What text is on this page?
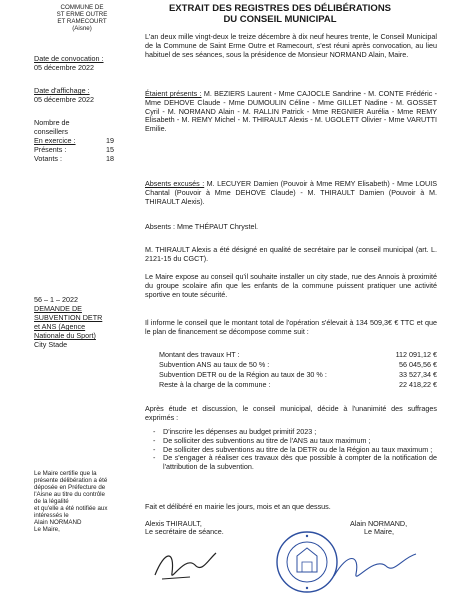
COMMUNE DE
ST ERME OUTRE
ET RAMECOURT
(Aisne)
EXTRAIT DES REGISTRES DES DÉLIBÉRATIONS
DU CONSEIL MUNICIPAL
Date de convocation :
05 décembre 2022
Date d'affichage :
05 décembre 2022
Nombre de
conseillers
En exercice :	19
Présents :	15
Votants :	18
56 – 1 – 2022
DEMANDE DE
SUBVENTION DETR
et ANS (Agence
Nationale du Sport)
City Stade
Le Maire certifie que la
présente délibération a été
déposée en Préfecture de
l'Aisne au titre du contrôle
de la légalité
et qu'elle a été notifiée aux
intéressés le
Alain NORMAND
Le Maire,
L'an deux mille vingt-deux le treize décembre à dix neuf heures trente, le Conseil Municipal de la Commune de Saint Erme Outre et Ramecourt, s'est réuni après convocation, au lieu habituel de ses séances, sous la présidence de Monsieur NORMAND Alain, Maire.
Étaient présents : M. BEZIERS Laurent - Mme CAJOCLE Sandrine - M. CONTE Frédéric - Mme DEHOVE Claude - Mme DUMOULIN Céline - Mme GILLET Nadine - M. GOSSET Cyril - M. NORMAND Alain - M. RALLIN Patrick - Mme REGNIER Aurélia - Mme REMY Elisabeth - M. REMY Michel - M. THIRAULT Alexis - M. UGOLETT Olivier - Mme VARUTTI Emilie.
Absents excusés : M. LECUYER Damien (Pouvoir à Mme REMY Elisabeth) - Mme LOUIS Chantal (Pouvoir à Mme DEHOVE Claude) - M. THIRAULT Damien (Pouvoir à M. THIRAULT Alexis).
Absents : Mme THÉPAUT Chrystel.
M. THIRAULT Alexis a été désigné en qualité de secrétaire par le conseil municipal (art. L. 2121-15 du CGCT).
Le Maire expose au conseil qu'il souhaite installer un city stade, rue des Annois à proximité du groupe scolaire afin que les enfants de la commune puissent pratiquer une activité sportive en toute sécurité.
Il informe le conseil que le montant total de l'opération s'élevait à 134 509,3€ € TTC et que le plan de financement se décompose comme suit :
Montant des travaux HT :	112 091,12 €
Subvention ANS au taux de 50 % :	56 045,56 €
Subvention DETR ou de la Région au taux de 30 % :	33 527,34 €
Reste à la charge de la commune :	22 418,22 €
Après étude et discussion, le conseil municipal, décide à l'unanimité des suffrages exprimés :
-	D'inscrire les dépenses au budget primitif 2023 ;
-	De solliciter des subventions au titre de l'ANS au taux maximum ;
-	De solliciter des subventions au titre de la DETR ou de la Région au taux maximum ;
-	De s'engager à réaliser ces travaux dès que possible à compter de la notification de l'attribution de la subvention.
Fait et délibéré en mairie les jours, mois et an que dessus.
Alexis THIRAULT,
Le secrétaire de séance.
Alain NORMAND,
Le Maire,
